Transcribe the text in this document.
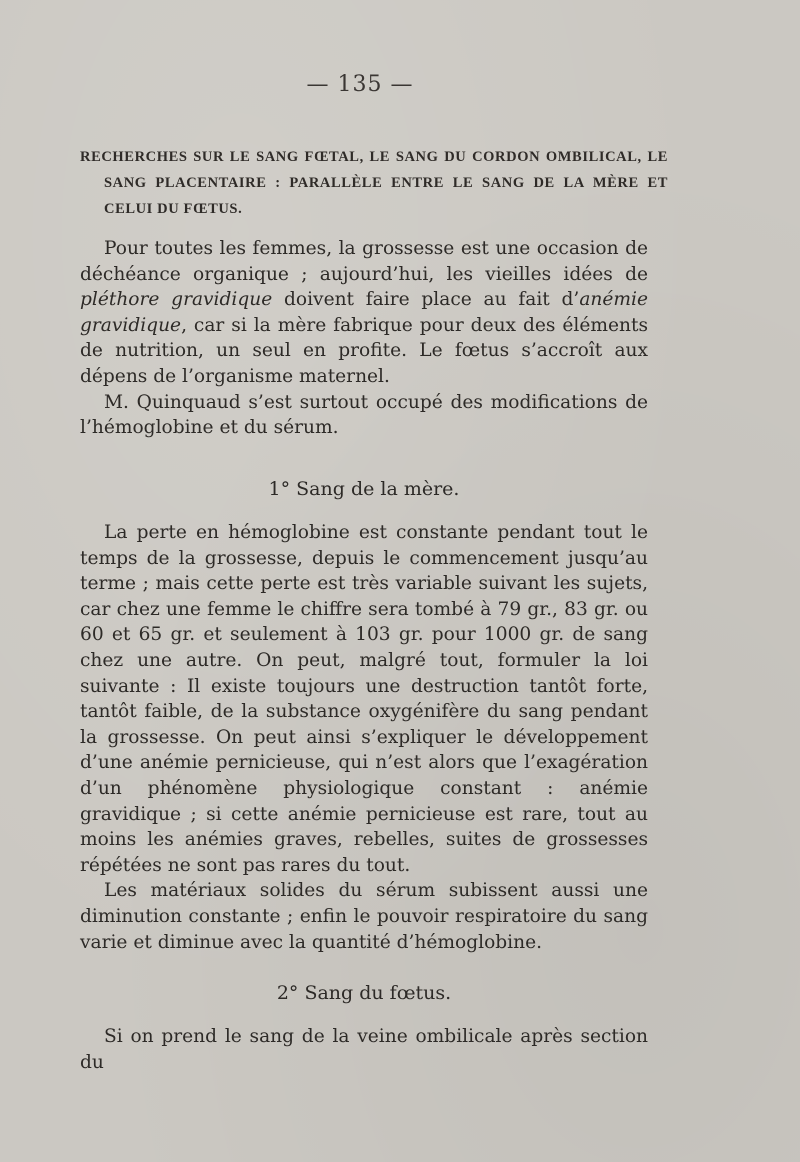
— 135 —
RECHERCHES SUR LE SANG FŒTAL, LE SANG DU CORDON OMBILICAL, LE
SANG PLACENTAIRE : PARALLÈLE ENTRE LE SANG DE LA MÈRE ET
CELUI DU FŒTUS.

Pour toutes les femmes, la grossesse est une occasion de déchéance organique ; aujourd’hui, les vieilles idées de pléthore gravidique doivent faire place au fait d’anémie gravidique, car si la mère fabrique pour deux des éléments de nutrition, un seul en profite. Le fœtus s’accroît aux dépens de l’organisme maternel.

M. Quinquaud s’est surtout occupé des modifications de l’hémoglobine et du sérum.

1° Sang de la mère.

La perte en hémoglobine est constante pendant tout le temps de la grossesse, depuis le commencement jusqu’au terme ; mais cette perte est très variable suivant les sujets, car chez une femme le chiffre sera tombé à 79 gr., 83 gr. ou 60 et 65 gr. et seulement à 103 gr. pour 1000 gr. de sang chez une autre. On peut, malgré tout, formuler la loi suivante : Il existe toujours une destruction tantôt forte, tantôt faible, de la substance oxygénifère du sang pendant la grossesse. On peut ainsi s’expliquer le développement d’une anémie pernicieuse, qui n’est alors que l’exagération d’un phénomène physiologique constant : anémie gravidique ; si cette anémie pernicieuse est rare, tout au moins les anémies graves, rebelles, suites de grossesses répétées ne sont pas rares du tout.

Les matériaux solides du sérum subissent aussi une diminution constante ; enfin le pouvoir respiratoire du sang varie et diminue avec la quantité d’hémoglobine.

2° Sang du fœtus.

Si on prend le sang de la veine ombilicale après section du
